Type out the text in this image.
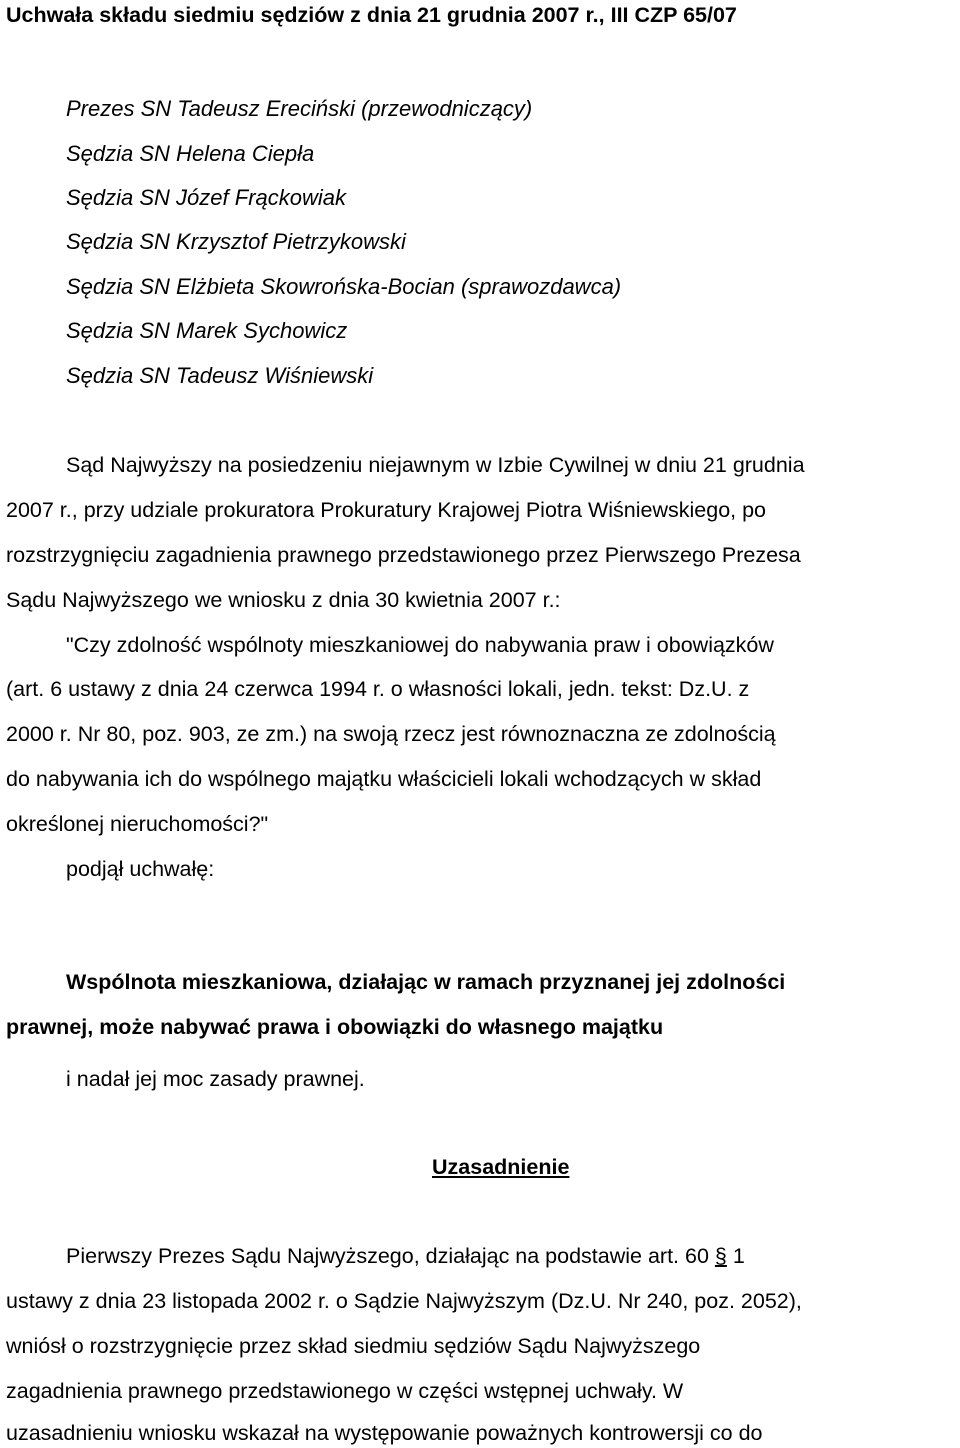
Uchwała składu siedmiu sędziów z dnia 21 grudnia 2007 r., III CZP 65/07
Prezes SN Tadeusz Ereciński (przewodniczący)
Sędzia SN Helena Ciepła
Sędzia SN Józef Frąckowiak
Sędzia SN Krzysztof Pietrzykowski
Sędzia SN Elżbieta Skowrońska-Bocian (sprawozdawca)
Sędzia SN Marek Sychowicz
Sędzia SN Tadeusz Wiśniewski
Sąd Najwyższy na posiedzeniu niejawnym w Izbie Cywilnej w dniu 21 grudnia
2007 r., przy udziale prokuratora Prokuratury Krajowej Piotra Wiśniewskiego, po
rozstrzygnięciu zagadnienia prawnego przedstawionego przez Pierwszego Prezesa
Sądu Najwyższego we wniosku z dnia 30 kwietnia 2007 r.:
"Czy zdolność wspólnoty mieszkaniowej do nabywania praw i obowiązków
(art. 6 ustawy z dnia 24 czerwca 1994 r. o własności lokali, jedn. tekst: Dz.U. z
2000 r. Nr 80, poz. 903, ze zm.) na swoją rzecz jest równoznaczna ze zdolnością
do nabywania ich do wspólnego majątku właścicieli lokali wchodzących w skład
określonej nieruchomości?"
podjął uchwałę:
Wspólnota mieszkaniowa, działając w ramach przyznanej jej zdolności
prawnej, może nabywać prawa i obowiązki do własnego majątku
i nadał jej moc zasady prawnej.
Uzasadnienie
Pierwszy Prezes Sądu Najwyższego, działając na podstawie art. 60 § 1
ustawy z dnia 23 listopada 2002 r. o Sądzie Najwyższym (Dz.U. Nr 240, poz. 2052),
wniósł o rozstrzygnięcie przez skład siedmiu sędziów Sądu Najwyższego
zagadnienia prawnego przedstawionego w części wstępnej uchwały. W
uzasadnieniu wniosku wskazał na występowanie poważnych kontrowersji co do
